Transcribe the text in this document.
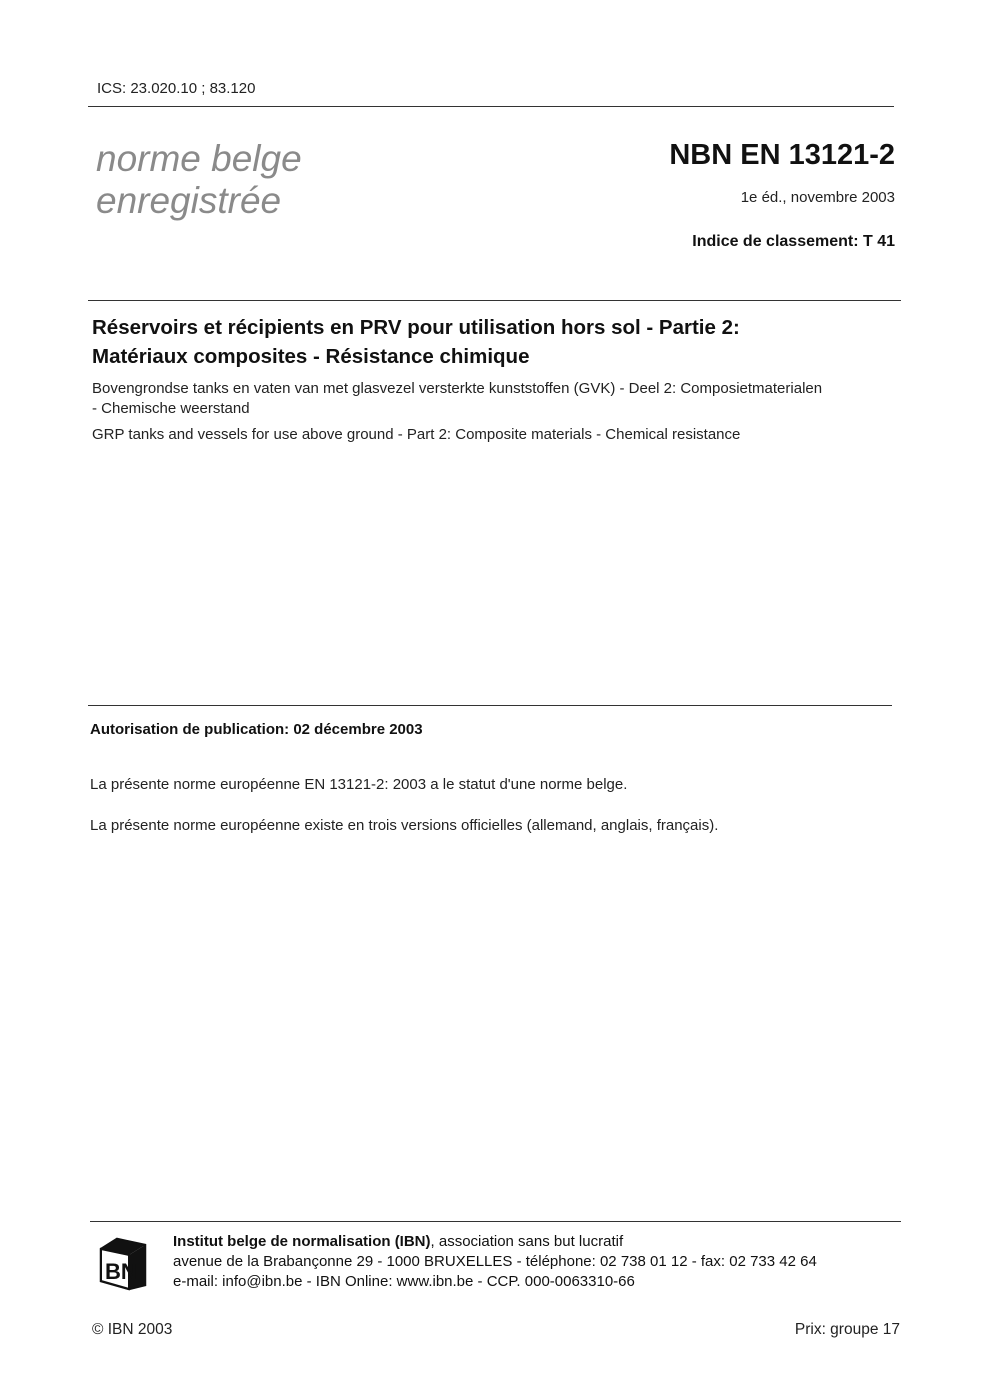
ICS: 23.020.10 ; 83.120
norme belge
enregistrée
NBN EN 13121-2
1e éd., novembre 2003
Indice de classement: T 41
Réservoirs et récipients en PRV pour utilisation hors sol - Partie 2:
Matériaux composites - Résistance chimique
Bovengrondse tanks en vaten van met glasvezel versterkte kunststoffen (GVK) - Deel 2: Composietmaterialen
- Chemische weerstand
GRP tanks and vessels for use above ground - Part 2: Composite materials - Chemical resistance
Autorisation de publication: 02 décembre 2003
La présente norme européenne EN 13121-2: 2003 a le statut d'une norme belge.
La présente norme européenne existe en trois versions officielles (allemand, anglais, français).
BN
Institut belge de normalisation (IBN), association sans but lucratif
avenue de la Brabançonne 29 - 1000 BRUXELLES - téléphone: 02 738 01 12 - fax: 02 733 42 64
e-mail: info@ibn.be - IBN Online: www.ibn.be - CCP. 000-0063310-66
© IBN 2003	Prix: groupe 17
